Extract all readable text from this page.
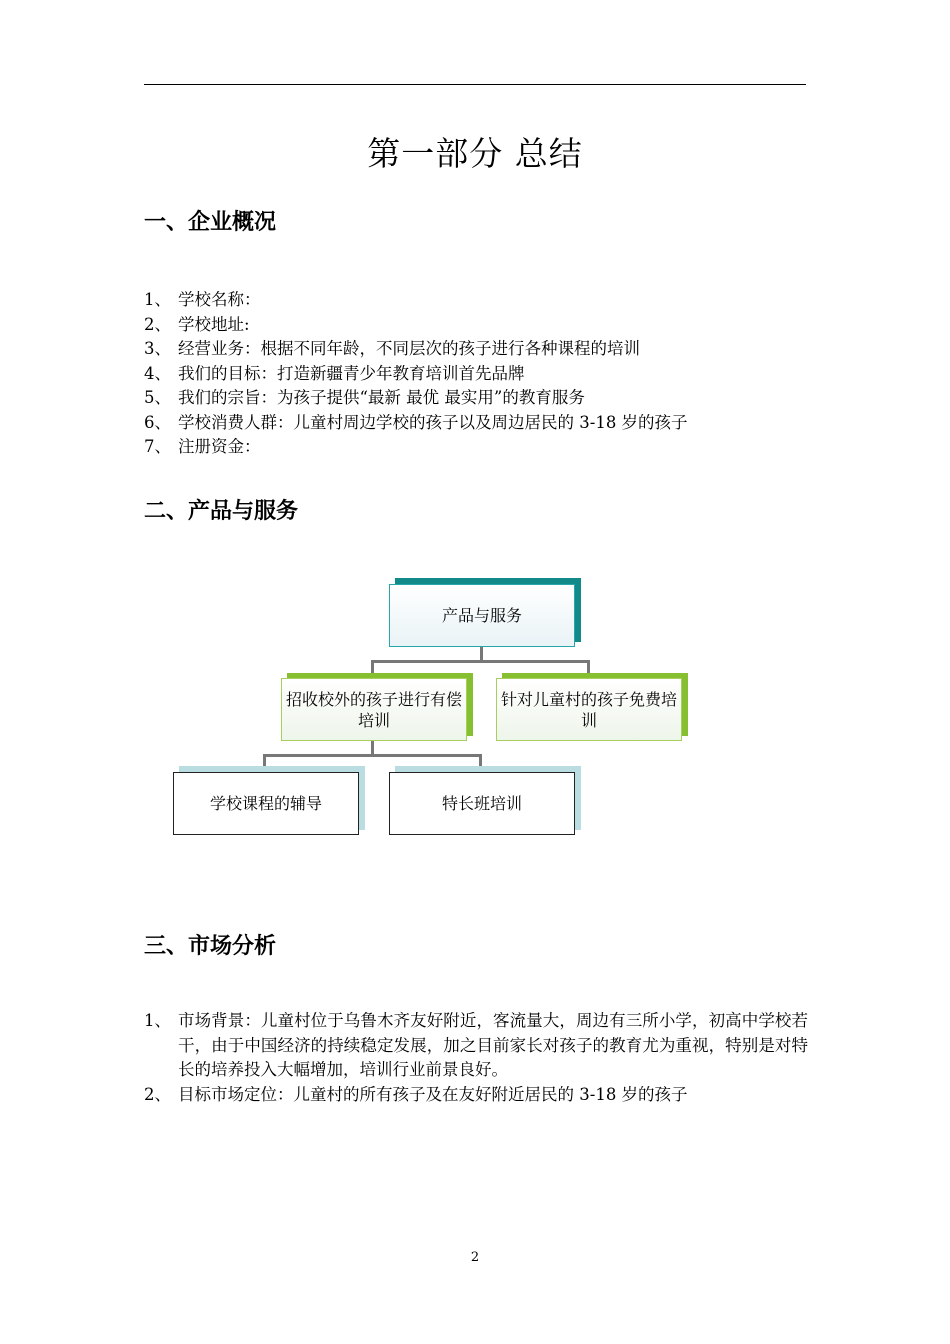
第一部分 总结
一、企业概况
1、 学校名称：
2、 学校地址:
3、 经营业务：根据不同年龄，不同层次的孩子进行各种课程的培训
4、 我们的目标：打造新疆青少年教育培训首先品牌
5、 我们的宗旨：为孩子提供“最新 最优 最实用”的教育服务
6、 学校消费人群：儿童村周边学校的孩子以及周边居民的 3-18 岁的孩子
7、 注册资金：
二、产品与服务
产品与服务
招收校外的孩子进行有偿培训
针对儿童村的孩子免费培训
学校课程的辅导	特长班培训
三、市场分析
1、 市场背景：儿童村位于乌鲁木齐友好附近，客流量大，周边有三所小学，初高中学校若干，由于中国经济的持续稳定发展，加之目前家长对孩子的教育尤为重视，特别是对特长的培养投入大幅增加，培训行业前景良好。
2、 目标市场定位：儿童村的所有孩子及在友好附近居民的 3-18 岁的孩子
2
